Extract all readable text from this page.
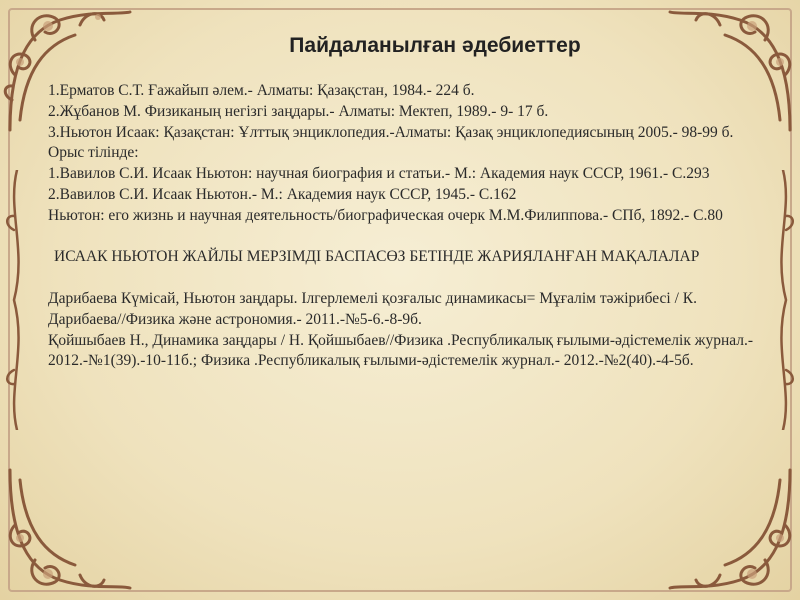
Пайдаланылған әдебиеттер

1.Ерматов С.Т. Ғажайып әлем.- Алматы: Қазақстан, 1984.- 224 б.

2.Жұбанов М. Физиканың негізгі заңдары.- Алматы: Мектеп, 1989.- 9- 17 б.

3.Ньютон Исаак: Қазақстан: Ұлттық энциклопедия.-Алматы: Қазақ энциклопедиясының 2005.- 98-99 б.

Орыс тілінде:

1.Вавилов С.И. Исаак Ньютон: научная биография и статьи.- М.: Академия наук СССР, 1961.- С.293

2.Вавилов С.И. Исаак Ньютон.- М.: Академия наук СССР, 1945.- С.162

Ньютон: его жизнь и научная деятельность/биографическая очерк М.М.Филиппова.- СПб, 1892.- С.80

ИСААК НЬЮТОН ЖАЙЛЫ МЕРЗІМДІ БАСПАСӨЗ БЕТІНДЕ ЖАРИЯЛАНҒАН МАҚАЛАЛАР

Дарибаева Күмісай, Ньютон заңдары. Ілгерлемелі қозғалыс динамикасы= Мұғалім тәжірибесі / К. Дарибаева//Физика және астрономия.- 2011.-№5-6.-8-9б.

Қойшыбаев Н., Динамика заңдары / Н. Қойшыбаев//Физика .Республикалық ғылыми-әдістемелік журнал.- 2012.-№1(39).-10-11б.; Физика .Республикалық ғылыми-әдістемелік журнал.- 2012.-№2(40).-4-5б.
